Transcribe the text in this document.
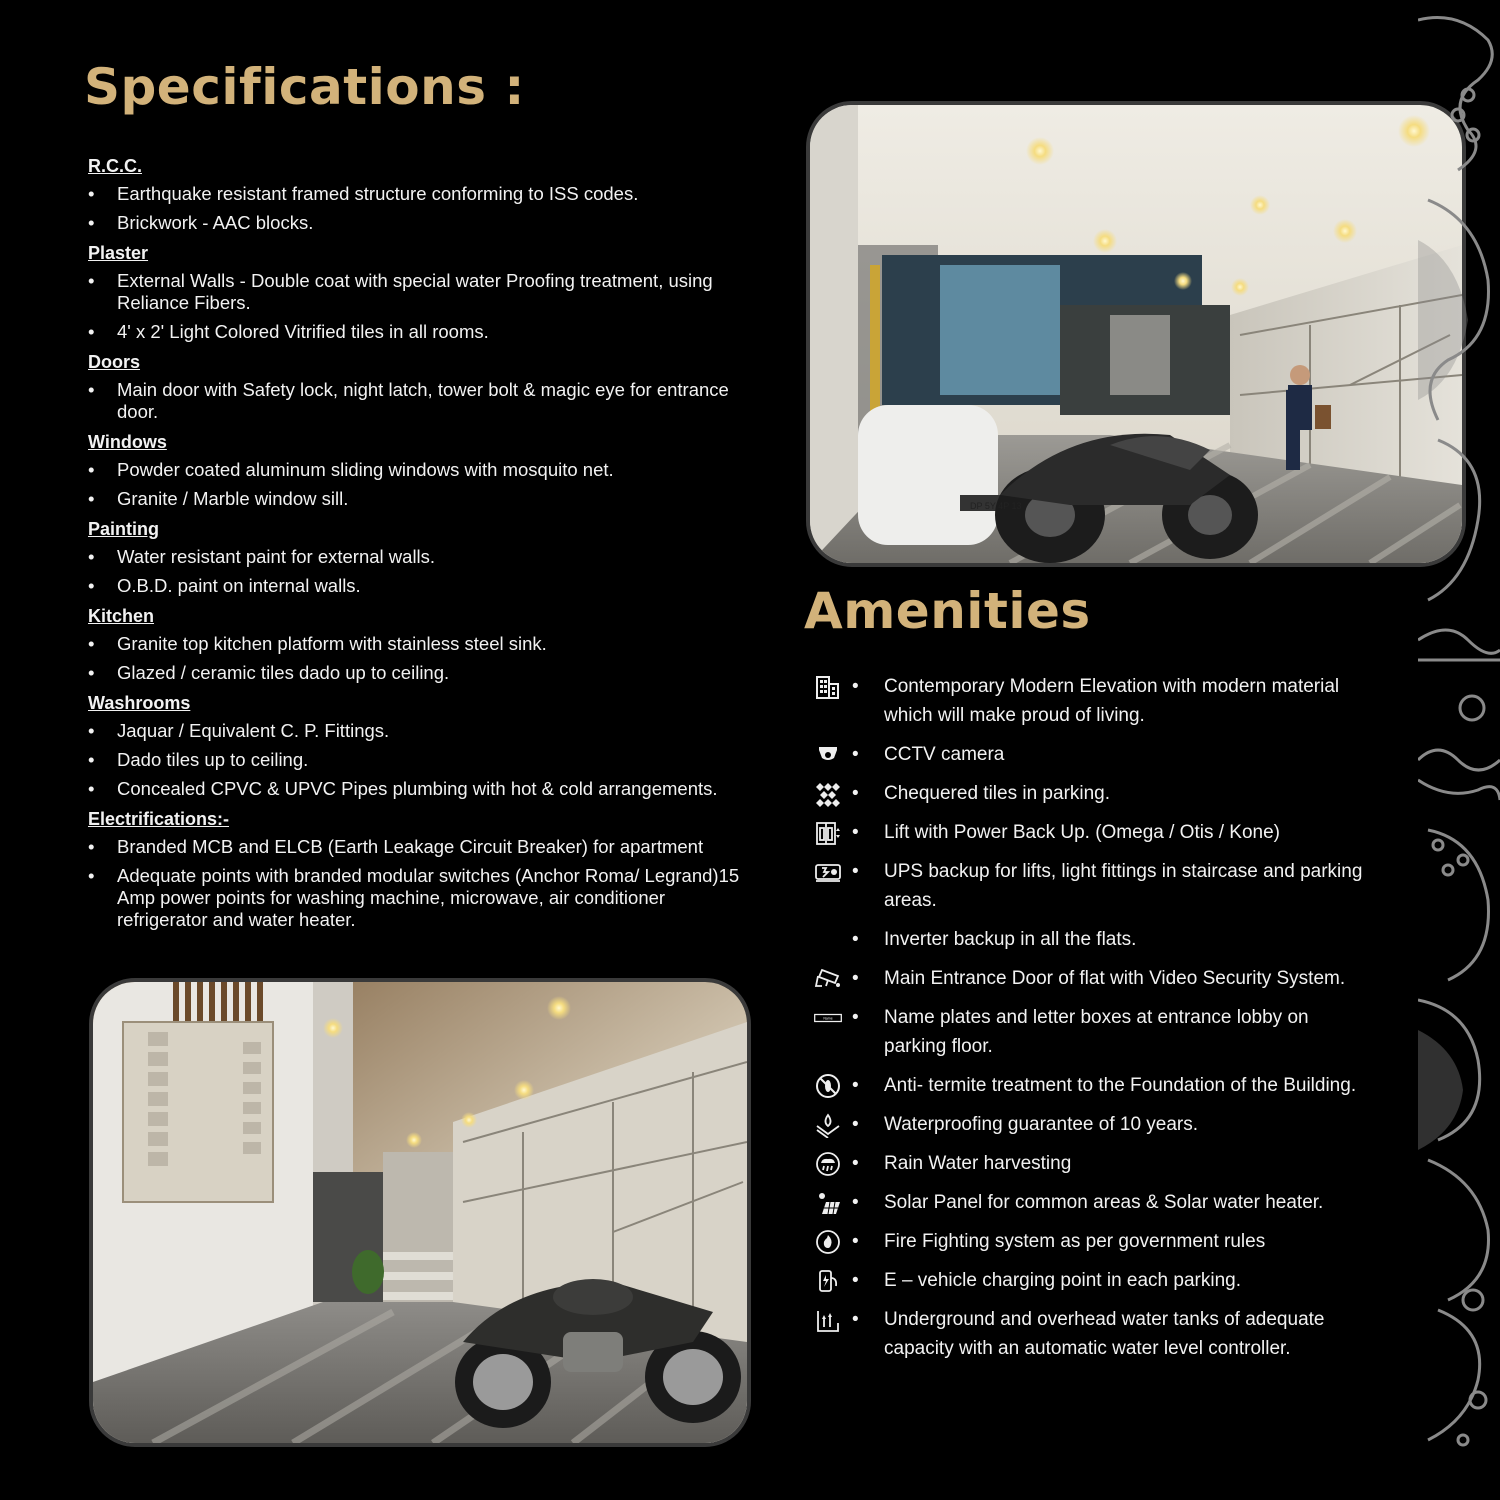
Specifications :
R.C.C.
• Earthquake resistant framed structure conforming to ISS codes.
• Brickwork - AAC blocks.
Plaster
• External Walls - Double coat with special water Proofing treatment, using Reliance Fibers.
• 4' x 2' Light Colored Vitrified tiles in all rooms.
Doors
• Main door with Safety lock, night latch, tower bolt & magic eye for entrance door.
Windows
• Powder coated aluminum sliding windows with mosquito net.
• Granite / Marble window sill.
Painting
• Water resistant paint for external walls.
• O.B.D. paint on internal walls.
Kitchen
• Granite top kitchen platform with stainless steel sink.
• Glazed / ceramic tiles dado up to ceiling.
Washrooms
• Jaquar / Equivalent C. P. Fittings.
• Dado tiles up to ceiling.
• Concealed CPVC & UPVC Pipes plumbing with hot & cold arrangements.
Electrifications:-
• Branded MCB and ELCB (Earth Leakage Circuit Breaker) for apartment
• Adequate points with branded modular switches (Anchor Roma/ Legrand)15 Amp power points for washing machine, microwave, air conditioner refrigerator and water heater.
DP 5Y 4P 13
Amenities
•	Contemporary Modern Elevation with modern material which will make proud of living.
•	CCTV camera
•	Chequered tiles in parking.
•	Lift with Power Back Up. (Omega / Otis / Kone)
•	UPS backup for lifts, light fittings in staircase and parking areas.
•	Inverter backup in all the flats.
•	Main Entrance Door of flat with Video Security System.
Name •	Name plates and letter boxes at entrance lobby on parking floor.
•	Anti- termite treatment to the Foundation of the Building.
•	Waterproofing guarantee of 10 years.
•	Rain Water harvesting
•	Solar Panel for common areas & Solar water heater.
•	Fire Fighting system as per government rules
•	E – vehicle charging point in each parking.
•	Underground and overhead water tanks of adequate capacity with an automatic water level controller.
